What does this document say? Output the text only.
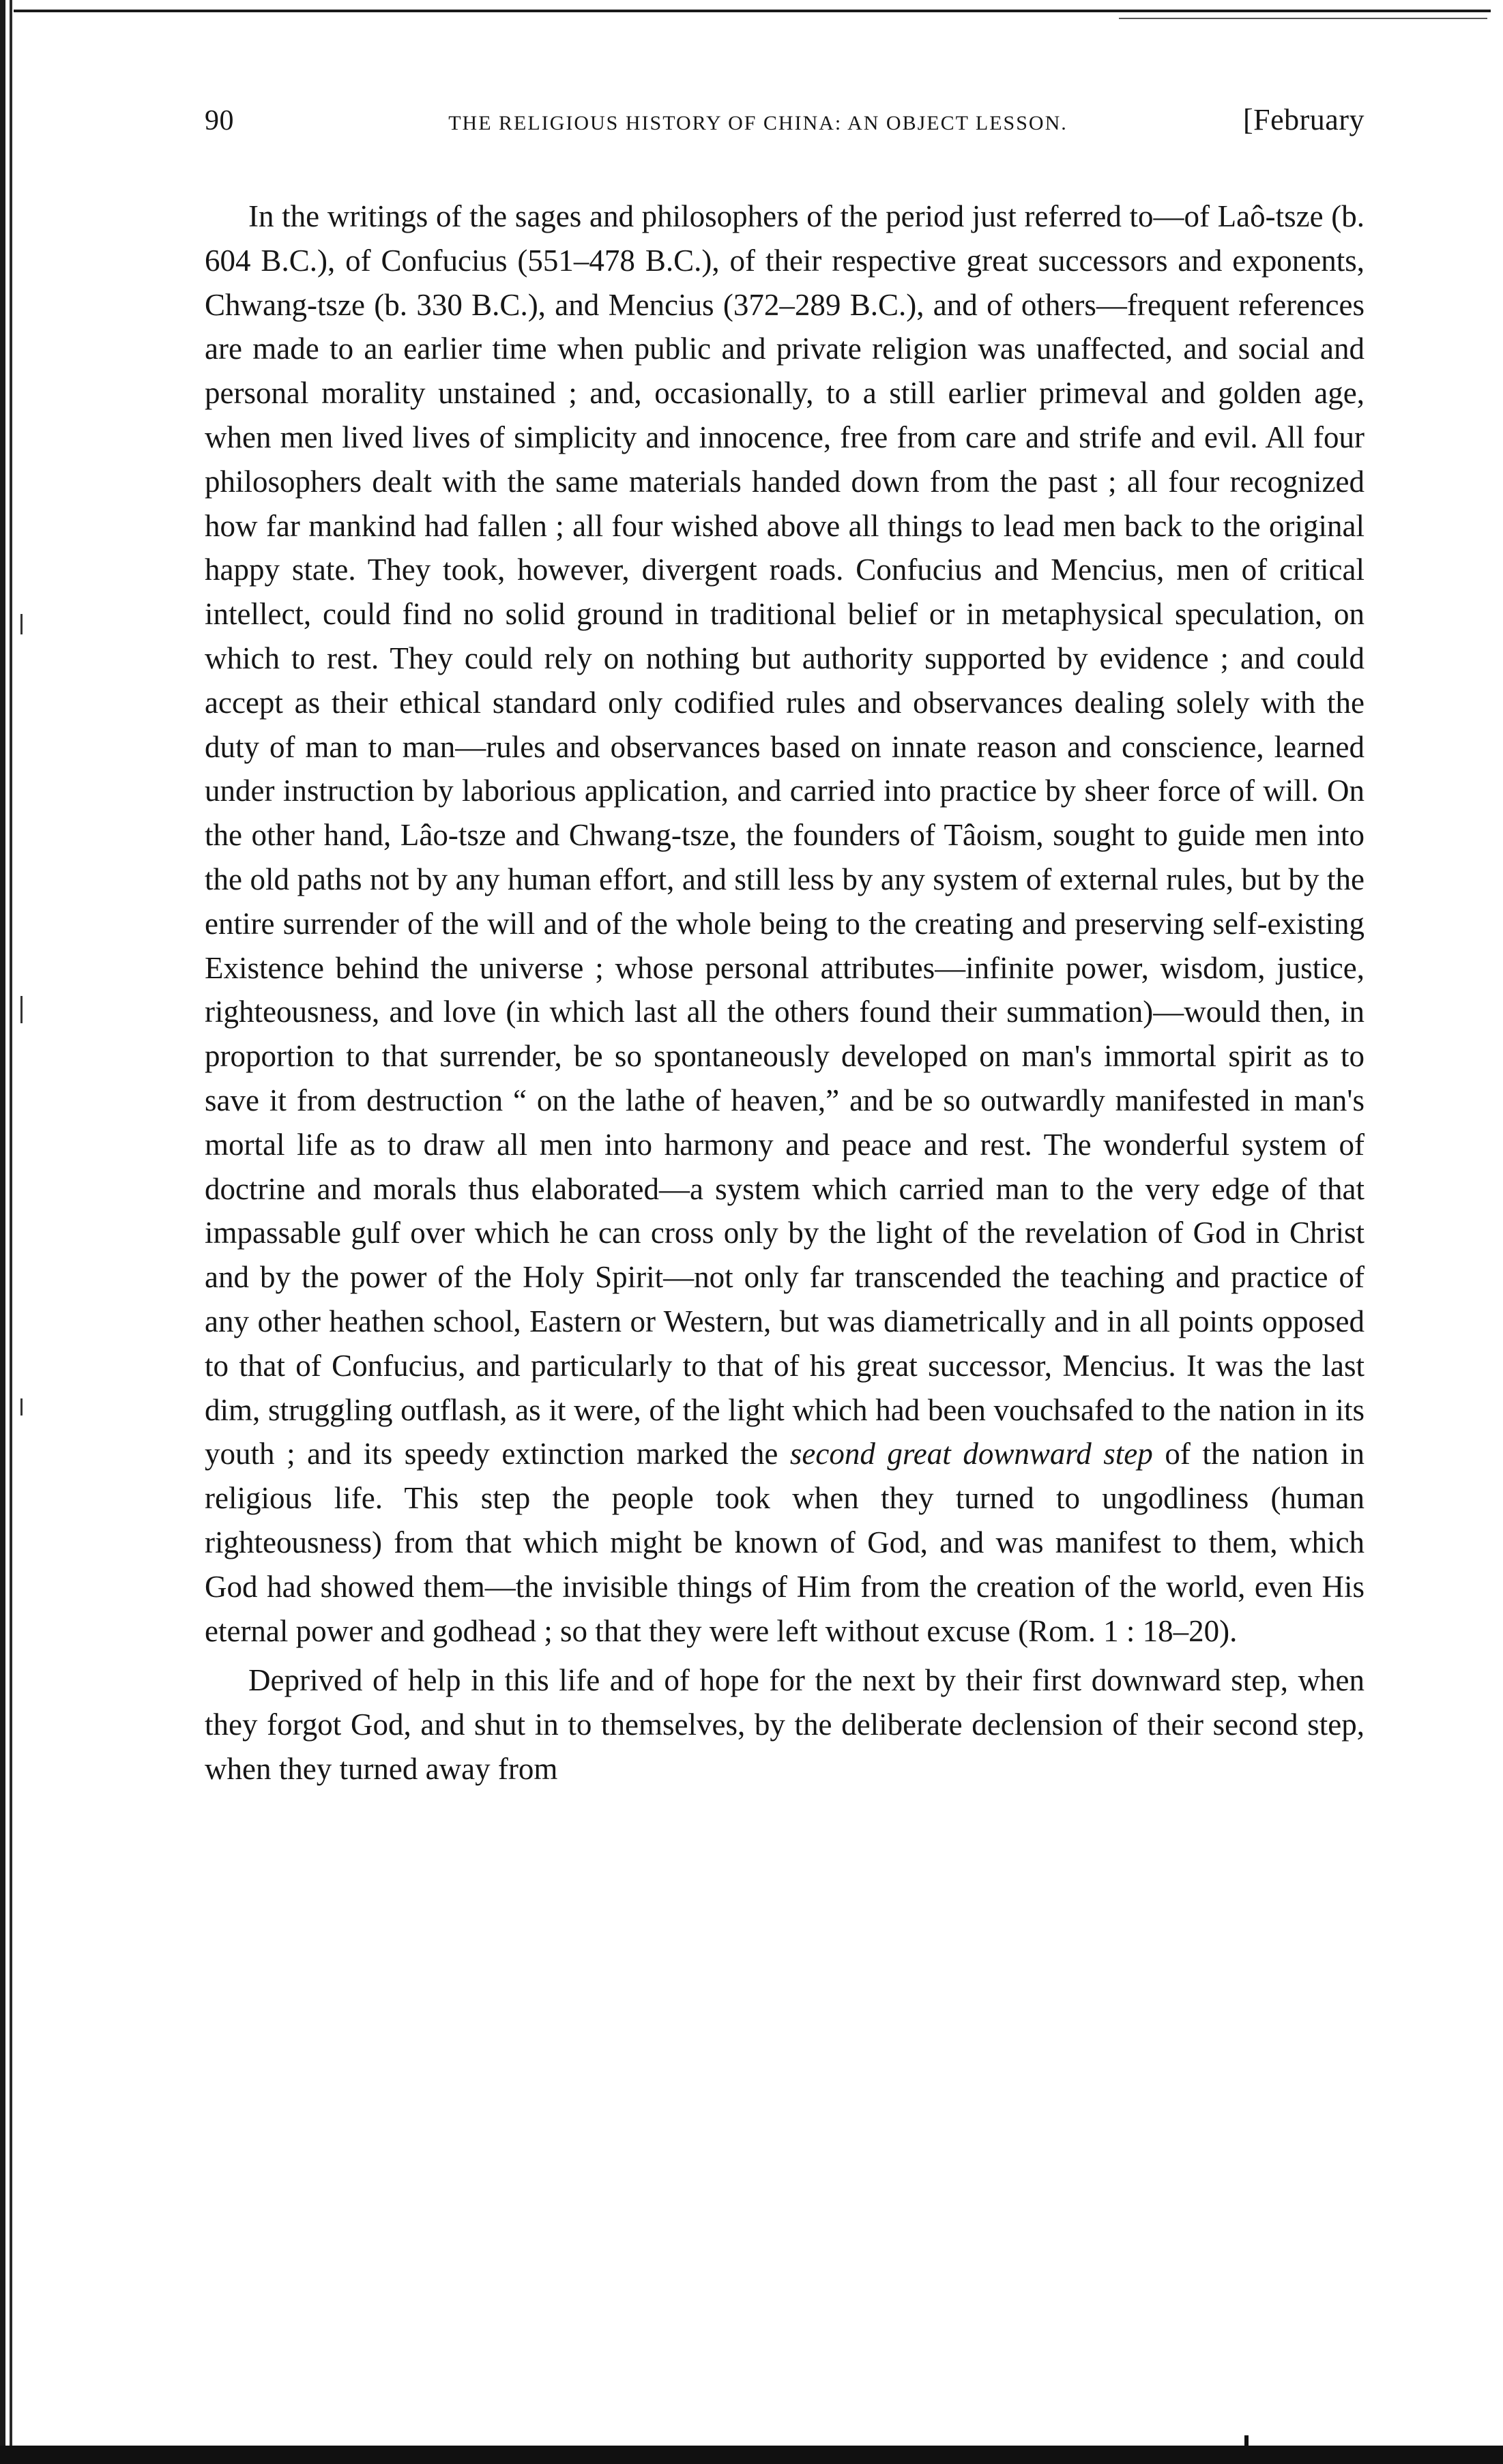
90	THE RELIGIOUS HISTORY OF CHINA: AN OBJECT LESSON.	[February

In the writings of the sages and philosophers of the period just referred to—of Laô-tsze (b. 604 B.C.), of Confucius (551–478 B.C.), of their respective great successors and exponents, Chwang-tsze (b. 330 B.C.), and Mencius (372–289 B.C.), and of others—frequent references are made to an earlier time when public and private religion was unaffected, and social and personal morality unstained ; and, occasionally, to a still earlier primeval and golden age, when men lived lives of simplicity and innocence, free from care and strife and evil. All four philosophers dealt with the same materials handed down from the past ; all four recognized how far mankind had fallen ; all four wished above all things to lead men back to the original happy state. They took, however, divergent roads. Confucius and Mencius, men of critical intellect, could find no solid ground in traditional belief or in metaphysical speculation, on which to rest. They could rely on nothing but authority supported by evidence ; and could accept as their ethical standard only codified rules and observances dealing solely with the duty of man to man—rules and observances based on innate reason and conscience, learned under instruction by laborious application, and carried into practice by sheer force of will. On the other hand, Lâo-tsze and Chwang-tsze, the founders of Tâoism, sought to guide men into the old paths not by any human effort, and still less by any system of external rules, but by the entire surrender of the will and of the whole being to the creating and preserving self-existing Existence behind the universe ; whose personal attributes—infinite power, wisdom, justice, righteousness, and love (in which last all the others found their summation)—would then, in proportion to that surrender, be so spontaneously developed on man's immortal spirit as to save it from destruction “ on the lathe of heaven,” and be so outwardly manifested in man's mortal life as to draw all men into harmony and peace and rest. The wonderful system of doctrine and morals thus elaborated—a system which carried man to the very edge of that impassable gulf over which he can cross only by the light of the revelation of God in Christ and by the power of the Holy Spirit—not only far transcended the teaching and practice of any other heathen school, Eastern or Western, but was diametrically and in all points opposed to that of Confucius, and particularly to that of his great successor, Mencius. It was the last dim, struggling outflash, as it were, of the light which had been vouchsafed to the nation in its youth ; and its speedy extinction marked the second great downward step of the nation in religious life. This step the people took when they turned to ungodliness (human righteousness) from that which might be known of God, and was manifest to them, which God had showed them—the invisible things of Him from the creation of the world, even His eternal power and godhead ; so that they were left without excuse (Rom. 1 : 18–20).

Deprived of help in this life and of hope for the next by their first downward step, when they forgot God, and shut in to themselves, by the deliberate declension of their second step, when they turned away from
